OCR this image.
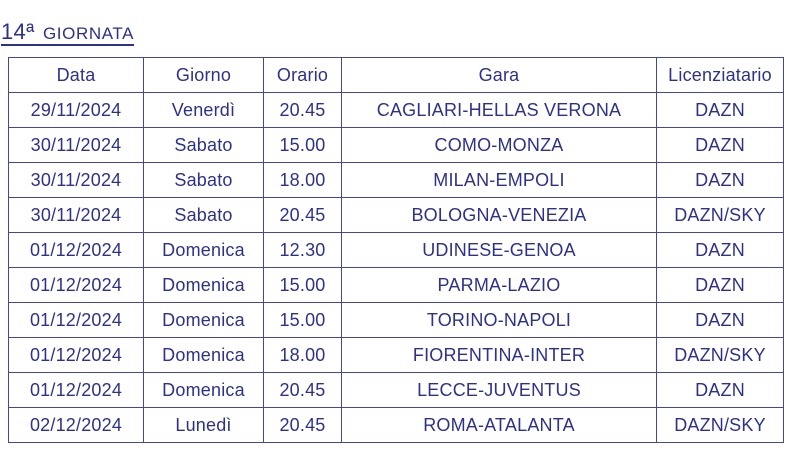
14ª GIORNATA
Data	Giorno	Orario	Gara	Licenziatario
29/11/2024	Venerdì	20.45	CAGLIARI-HELLAS VERONA	DAZN
30/11/2024	Sabato	15.00	COMO-MONZA	DAZN
30/11/2024	Sabato	18.00	MILAN-EMPOLI	DAZN
30/11/2024	Sabato	20.45	BOLOGNA-VENEZIA	DAZN/SKY
01/12/2024	Domenica	12.30	UDINESE-GENOA	DAZN
01/12/2024	Domenica	15.00	PARMA-LAZIO	DAZN
01/12/2024	Domenica	15.00	TORINO-NAPOLI	DAZN
01/12/2024	Domenica	18.00	FIORENTINA-INTER	DAZN/SKY
01/12/2024	Domenica	20.45	LECCE-JUVENTUS	DAZN
02/12/2024	Lunedì	20.45	ROMA-ATALANTA	DAZN/SKY
